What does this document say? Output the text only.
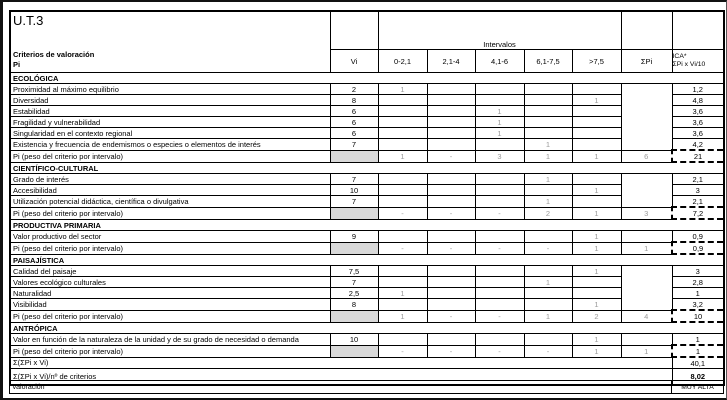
U.T.3
Criterios de valoración
Pi		Intervalos						
	Vi	0-2,1	2,1-4	4,1-6	6,1-7,5	>7,5	ΣPi	ICA*
ΣPi x Vi/10

ECOLÓGICA								
Proximidad al máximo equilibrio	2	1						1,2
Diversidad	8					1		4,8
Estabilidad	6			1				3,6
Fragilidad y vulnerabilidad	6			1				3,6
Singularidad en el contexto regional	6			1				3,6
Existencia y frecuencia de endemismos o especies o elementos de interés	7				1			4,2
Pi (peso del criterio por intervalo)		1	-	3	1	1	6	21
CIENTÍFICO-CULTURAL								
Grado de interés	7				1			2,1
Accesibilidad	10					1		3
Utilización potencial didáctica, científica o divulgativa	7				1			2,1
Pi (peso del criterio por intervalo)		-	-	-	2	1	3	7,2
PRODUCTIVA PRIMARIA								
Valor productivo del sector	9					1		0,9
Pi (peso del criterio por intervalo)		-	-	-	-	1	1	0,9
PAISAJÍSTICA								
Calidad del paisaje	7,5					1		3
Valores ecológico culturales	7				1			2,8
Naturalidad	2,5	1						1
Visibilidad	8					1		3,2
Pi (peso del criterio por intervalo)		1	-	-	1	2	4	10
ANTRÓPICA								
Valor en función de la naturaleza de la unidad y de su grado de necesidad o demanda	10					1		1
Pi (peso del criterio por intervalo)		-	-	-	-	1	1	1
Σ(ΣPi x Vi)								40,1
Σ(ΣPi x Vi)/nº de criterios								8,02
Valoración	MUY ALTA
